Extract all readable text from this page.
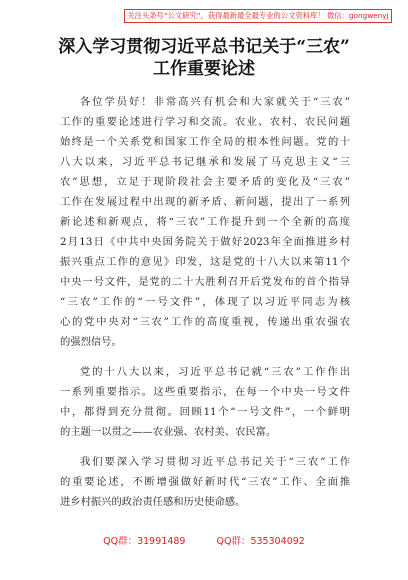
关注头条号“公文研究”，获得最新最全最专业的公文资料库！ 微信：gongwenyj
深入学习贯彻习近平总书记关于“三农”
工作重要论述
各位学员好！非常高兴有机会和大家就关于“三农”
工作的重要论述进行学习和交流。农业、农村、农民问题
始终是一个关系党和国家工作全局的根本性问题。党的十
八大以来，习近平总书记继承和发展了马克思主义“三
农”思想，立足于现阶段社会主要矛盾的变化及“三农”
工作在发展过程中出现的新矛盾、新问题，提出了一系列
新论述和新观点，将“三农”工作提升到一个全新的高度
2月13日《中共中央国务院关于做好2023年全面推进乡村
振兴重点工作的意见》印发，这是党的十八大以来第11个
中央一号文件，是党的二十大胜利召开后党发布的首个指导
“三农”工作的“一号文件”，体现了以习近平同志为核
心的党中央对“三农”工作的高度重视，传递出重农强农
的强烈信号。
党的十八大以来，习近平总书记就“三农”工作作出
一系列重要指示。这些重要指示，在每一个中央一号文件
中，都得到充分贯彻。回顾11个“一号文件”，一个鲜明
的主题一以贯之——农业强、农村美、农民富。
我们要深入学习贯彻习近平总书记关于“三农”工作
的重要论述，不断增强做好新时代“三农”工作、全面推
进乡村振兴的政治责任感和历史使命感。
QQ群：31991489	QQ群：535304092
